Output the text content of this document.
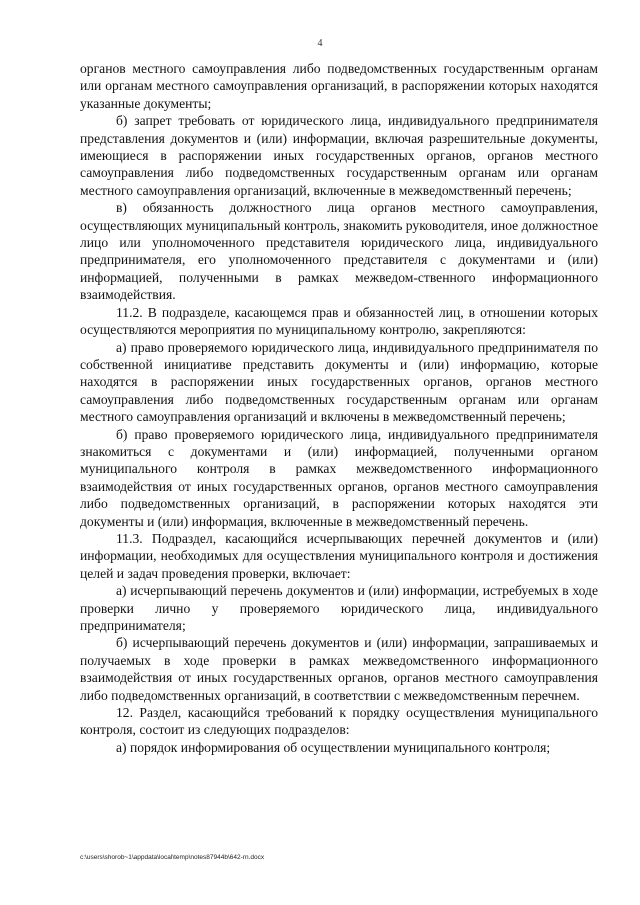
4

органов местного самоуправления либо подведомственных государственным органам или органам местного самоуправления организаций, в распоряжении которых находятся указанные документы;

б) запрет требовать от юридического лица, индивидуального предпринимателя представления документов и (или) информации, включая разрешительные документы, имеющиеся в распоряжении иных государственных органов, органов местного самоуправления либо подведомственных государственным органам или органам местного самоуправления организаций, включенные в межведомственный перечень;

в) обязанность должностного лица органов местного самоуправления, осуществляющих муниципальный контроль, знакомить руководителя, иное должностное лицо или уполномоченного представителя юридического лица, индивидуального предпринимателя, его уполномоченного представителя с документами и (или) информацией, полученными в рамках межведом-ственного информационного взаимодействия.

11.2. В подразделе, касающемся прав и обязанностей лиц, в отношении которых осуществляются мероприятия по муниципальному контролю, закрепляются:

а) право проверяемого юридического лица, индивидуального предпринимателя по собственной инициативе представить документы и (или) информацию, которые находятся в распоряжении иных государственных органов, органов местного самоуправления либо подведомственных государственным органам или органам местного самоуправления организаций и включены в межведомственный перечень;

б) право проверяемого юридического лица, индивидуального предпринимателя знакомиться с документами и (или) информацией, полученными органом муниципального контроля в рамках межведомственного информационного взаимодействия от иных государственных органов, органов местного самоуправления либо подведомственных организаций, в распоряжении которых находятся эти документы и (или) информация, включенные в межведомственный перечень.

11.3. Подраздел, касающийся исчерпывающих перечней документов и (или) информации, необходимых для осуществления муниципального контроля и достижения целей и задач проведения проверки, включает:

а) исчерпывающий перечень документов и (или) информации, истребуемых в ходе проверки лично у проверяемого юридического лица, индивидуального предпринимателя;

б) исчерпывающий перечень документов и (или) информации, запрашиваемых и получаемых в ходе проверки в рамках межведомственного информационного взаимодействия от иных государственных органов, органов местного самоуправления либо подведомственных организаций, в соответствии с межведомственным перечнем.

12. Раздел, касающийся требований к порядку осуществления муниципального контроля, состоит из следующих подразделов:

а) порядок информирования об осуществлении муниципального контроля;

c:\users\shorob~1\appdata\local\temp\notes87944b\642-rn.docx
